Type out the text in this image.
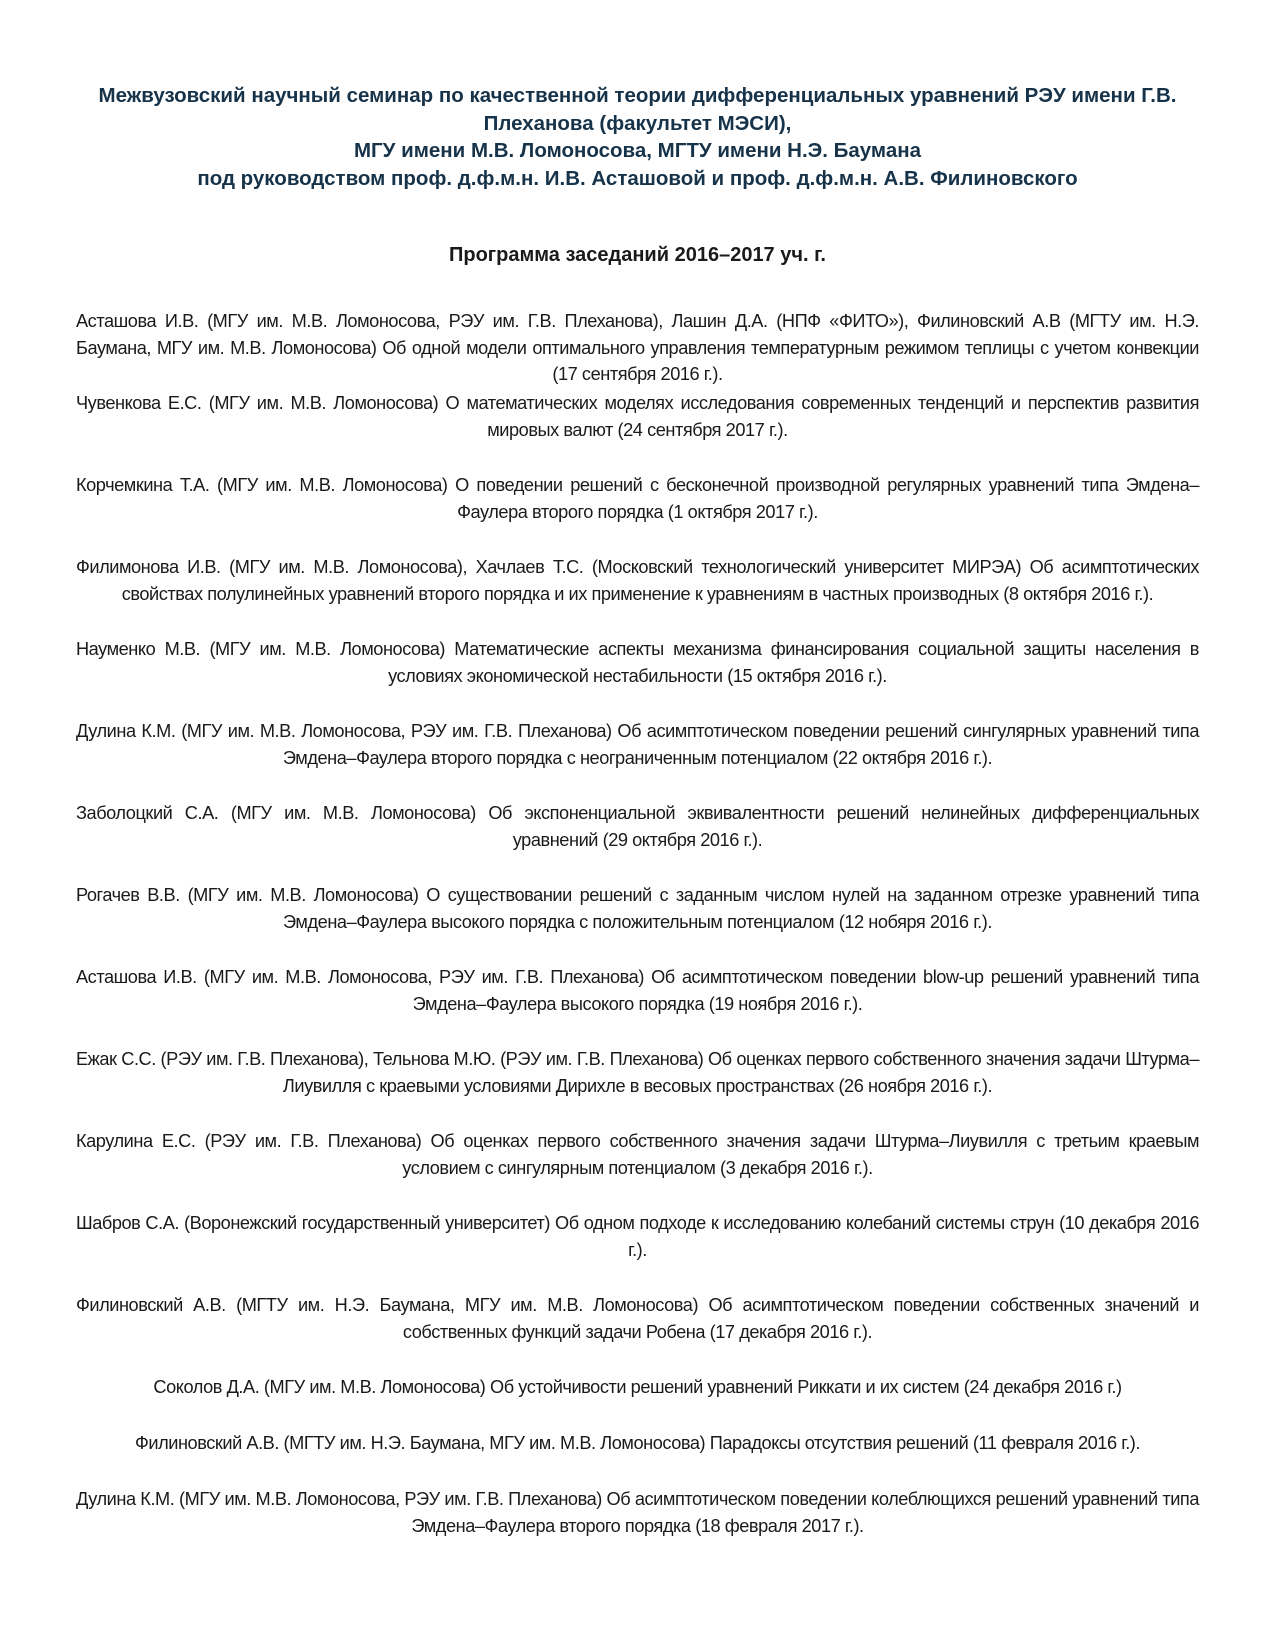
Межвузовский научный семинар по качественной теории дифференциальных уравнений РЭУ имени Г.В.
Плеханова (факультет МЭСИ),
МГУ имени М.В. Ломоносова, МГТУ имени Н.Э. Баумана
под руководством проф. д.ф.м.н. И.В. Асташовой и проф. д.ф.м.н. А.В. Филиновского
Программа заседаний 2016–2017 уч. г.
Асташова И.В. (МГУ им. М.В. Ломоносова, РЭУ им. Г.В. Плеханова), Лашин Д.А. (НПФ «ФИТО»), Филиновский А.В (МГТУ им. Н.Э. Баумана, МГУ им. М.В. Ломоносова) Об одной модели оптимального управления температурным режимом теплицы с учетом конвекции (17 сентября 2016 г.).
Чувенкова Е.С. (МГУ им. М.В. Ломоносова) О математических моделях исследования современных тенденций и перспектив развития мировых валют (24 сентября 2017 г.).
Корчемкина Т.А. (МГУ им. М.В. Ломоносова) О поведении решений с бесконечной производной регулярных уравнений типа Эмдена–Фаулера второго порядка (1 октября 2017 г.).
Филимонова И.В. (МГУ им. М.В. Ломоносова), Хачлаев Т.С. (Московский технологический университет МИРЭА) Об асимптотических свойствах полулинейных уравнений второго порядка и их применение к уравнениям в частных производных (8 октября 2016 г.).
Науменко М.В. (МГУ им. М.В. Ломоносова) Математические аспекты механизма финансирования социальной защиты населения в условиях экономической нестабильности (15 октября 2016 г.).
Дулина К.М. (МГУ им. М.В. Ломоносова, РЭУ им. Г.В. Плеханова) Об асимптотическом поведении решений сингулярных уравнений типа Эмдена–Фаулера второго порядка с неограниченным потенциалом (22 октября 2016 г.).
Заболоцкий С.А. (МГУ им. М.В. Ломоносова) Об экспоненциальной эквивалентности решений нелинейных дифференциальных уравнений (29 октября 2016 г.).
Рогачев В.В. (МГУ им. М.В. Ломоносова) О существовании решений с заданным числом нулей на заданном отрезке уравнений типа Эмдена–Фаулера высокого порядка с положительным потенциалом (12 нобяря 2016 г.).
Асташова И.В. (МГУ им. М.В. Ломоносова, РЭУ им. Г.В. Плеханова) Об асимптотическом поведении blow-up решений уравнений типа Эмдена–Фаулера высокого порядка (19 ноября 2016 г.).
Ежак С.С. (РЭУ им. Г.В. Плеханова), Тельнова М.Ю. (РЭУ им. Г.В. Плеханова) Об оценках первого собственного значения задачи Штурма–Лиувилля с краевыми условиями Дирихле в весовых пространствах (26 ноября 2016 г.).
Карулина Е.С. (РЭУ им. Г.В. Плеханова) Об оценках первого собственного значения задачи Штурма–Лиувилля с третьим краевым условием с сингулярным потенциалом (3 декабря 2016 г.).
Шабров С.А. (Воронежский государственный университет) Об одном подходе к исследованию колебаний системы струн (10 декабря 2016 г.).
Филиновский А.В. (МГТУ им. Н.Э. Баумана, МГУ им. М.В. Ломоносова) Об асимптотическом поведении собственных значений и собственных функций задачи Робена (17 декабря 2016 г.).
Соколов Д.А. (МГУ им. М.В. Ломоносова) Об устойчивости решений уравнений Риккати и их систем (24 декабря 2016 г.)
Филиновский А.В. (МГТУ им. Н.Э. Баумана, МГУ им. М.В. Ломоносова) Парадоксы отсутствия решений (11 февраля 2016 г.).
Дулина К.М. (МГУ им. М.В. Ломоносова, РЭУ им. Г.В. Плеханова) Об асимптотическом поведении колеблющихся решений уравнений типа Эмдена–Фаулера второго порядка (18 февраля 2017 г.).
